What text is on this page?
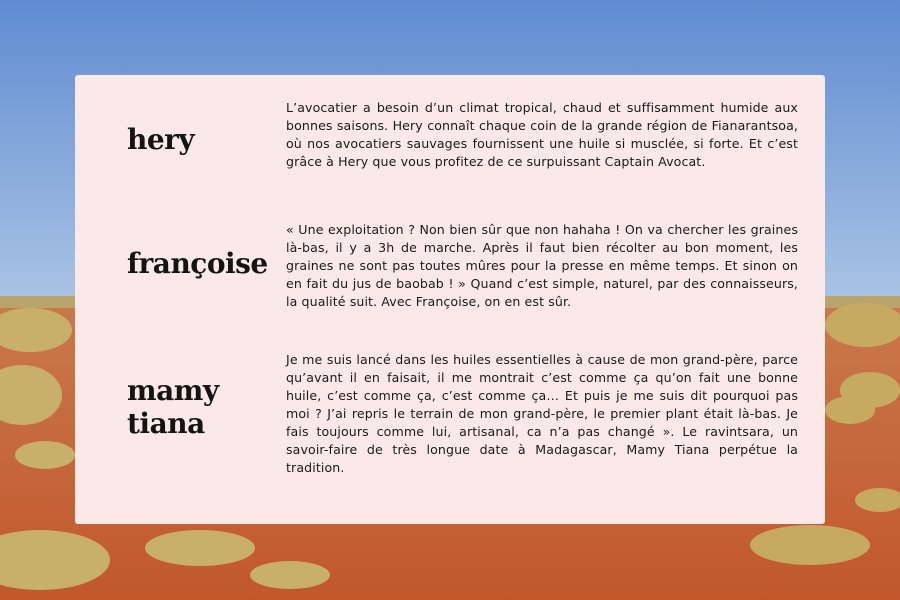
hery

L’avocatier a besoin d’un climat tropical, chaud et suffisamment humide aux bonnes saisons. Hery connaît chaque coin de la grande région de Fianarantsoa, où nos avocatiers sauvages fournissent une huile si musclée, si forte. Et c’est grâce à Hery que vous profitez de ce surpuissant Captain Avocat.

françoise

« Une exploitation ? Non bien sûr que non hahaha ! On va chercher les graines là-bas, il y a 3h de marche. Après il faut bien récolter au bon moment, les graines ne sont pas toutes mûres pour la presse en même temps. Et sinon on en fait du jus de baobab ! » Quand c’est simple, naturel, par des connaisseurs, la qualité suit. Avec Françoise, on en est sûr.

mamy tiana

Je me suis lancé dans les huiles essentielles à cause de mon grand-père, parce qu’avant il en faisait, il me montrait c’est comme ça qu’on fait une bonne huile, c’est comme ça, c’est comme ça… Et puis je me suis dit pourquoi pas moi ? J’ai repris le terrain de mon grand-père, le premier plant était là-bas. Je fais toujours comme lui, artisanal, ca n’a pas changé ». Le ravintsara, un savoir-faire de très longue date à Madagascar, Mamy Tiana perpétue la tradition.
